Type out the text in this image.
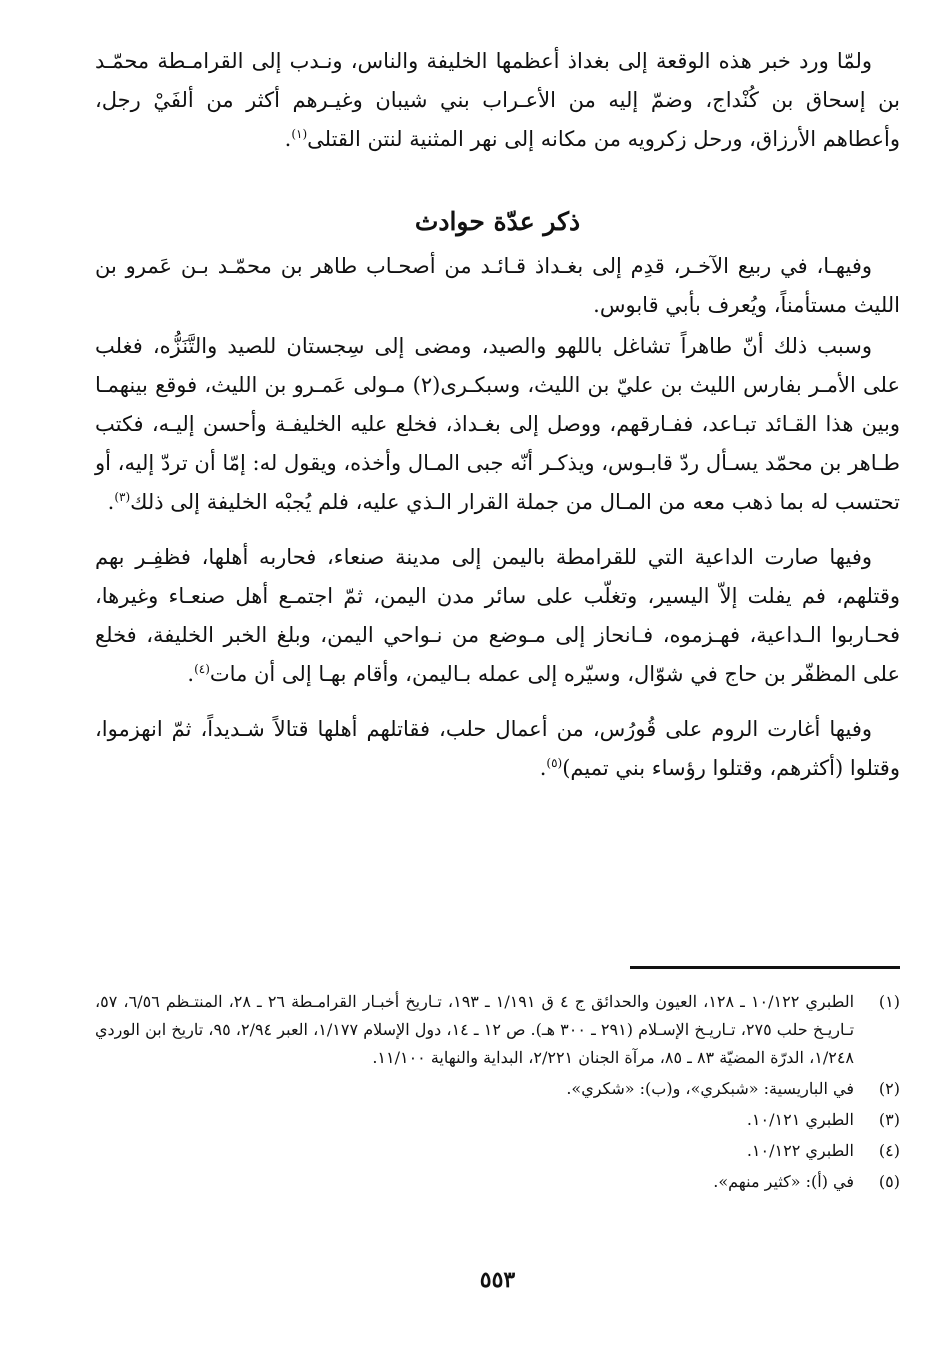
ولمّا ورد خبر هذه الوقعة إلى بغداذ أعظمها الخليفة والناس، ونـدب إلى القرامـطة محمّـد بن إسحاق بن كُنْداج، وضمّ إليه من الأعـراب بني شيبان وغيـرهم أكثر من ألفَيْ رجل، وأعطاهم الأرزاق، ورحل زكرويه من مكانه إلى نهر المثنية لنتن القتلى$^{(١)}$.

ذكر عدّة حوادث

وفيهـا، في ربيع الآخـر، قدِم إلى بغـداذ قـائـد من أصحـاب طاهر بن محمّـد بـن عَمرو بن الليث مستأمناً، ويُعرف بأبي قابوس.

وسبب ذلك أنّ طاهراً تشاغل باللهو والصيد، ومضى إلى سِجستان للصيد والتَّنَزُّه، فغلب على الأمـر بفارس الليث بن عليّ بن الليث، وسبكـرى(٢) مـولى عَمـرو بن الليث، فوقع بينهمـا وبين هذا القـائد تبـاعد، ففـارقهم، ووصل إلى بغـداذ، فخلع عليه الخليفـة وأحسن إليـه، فكتب طـاهر بن محمّد يسـأل ردّ قابـوس، ويذكـر أنّه جبى المـال وأخذه، ويقول له: إمّا أن تردّ إليه، أو تحتسب له بما ذهب معه من المـال من جملة القرار الـذي عليه، فلم يُجبْه الخليفة إلى ذلك$^{(٣)}$.

وفيها صارت الداعية التي للقرامطة باليمن إلى مدينة صنعاء، فحاربه أهلها، فظفِـر بهم وقتلهم، فم يفلت إلاّ اليسير، وتغلّب على سائر مدن اليمن، ثمّ اجتمـع أهل صنعـاء وغيرها، فحـاربوا الـداعية، فهـزموه، فـانحاز إلى مـوضع من نـواحي اليمن، وبلغ الخبر الخليفة، فخلع على المظفّر بن حاج في شوّال، وسيّره إلى عمله بـاليمن، وأقام بهـا إلى أن مات$^{(٤)}$.

وفيها أغارت الروم على قُورُس، من أعمال حلب، فقاتلهم أهلها قتالاً شـديداً، ثمّ انهزموا، وقتلوا (أكثرهم، وقتلوا رؤساء بني تميم)$^{(٥)}$.

(١)
الطبري ١٠/١٢٢ ـ ١٢٨، العيون والحدائق ج ٤ ق ١/١٩١ ـ ١٩٣، تـاريخ أخبـار القرامـطة ٢٦ ـ ٢٨، المنتـظم ٦/٥٦، ٥٧، تـاريـخ حلب ٢٧٥، تـاريـخ الإسـلام (٢٩١ ـ ٣٠٠ هـ). ص ١٢ ـ ١٤، دول الإسلام ١/١٧٧، العبر ٢/٩٤، ٩٥، تاريخ ابن الوردي ١/٢٤٨، الدرّة المضيّة ٨٣ ـ ٨٥، مرآة الجنان ٢/٢٢١، البداية والنهاية ١١/١٠٠.
(٢)
في الباريسية: «شبكري»، و(ب): «شكري».
(٣)
الطبري ١٠/١٢١.
(٤)
الطبري ١٠/١٢٢.
(٥)
في (أ): «كثير منهم».
٥٥٣
